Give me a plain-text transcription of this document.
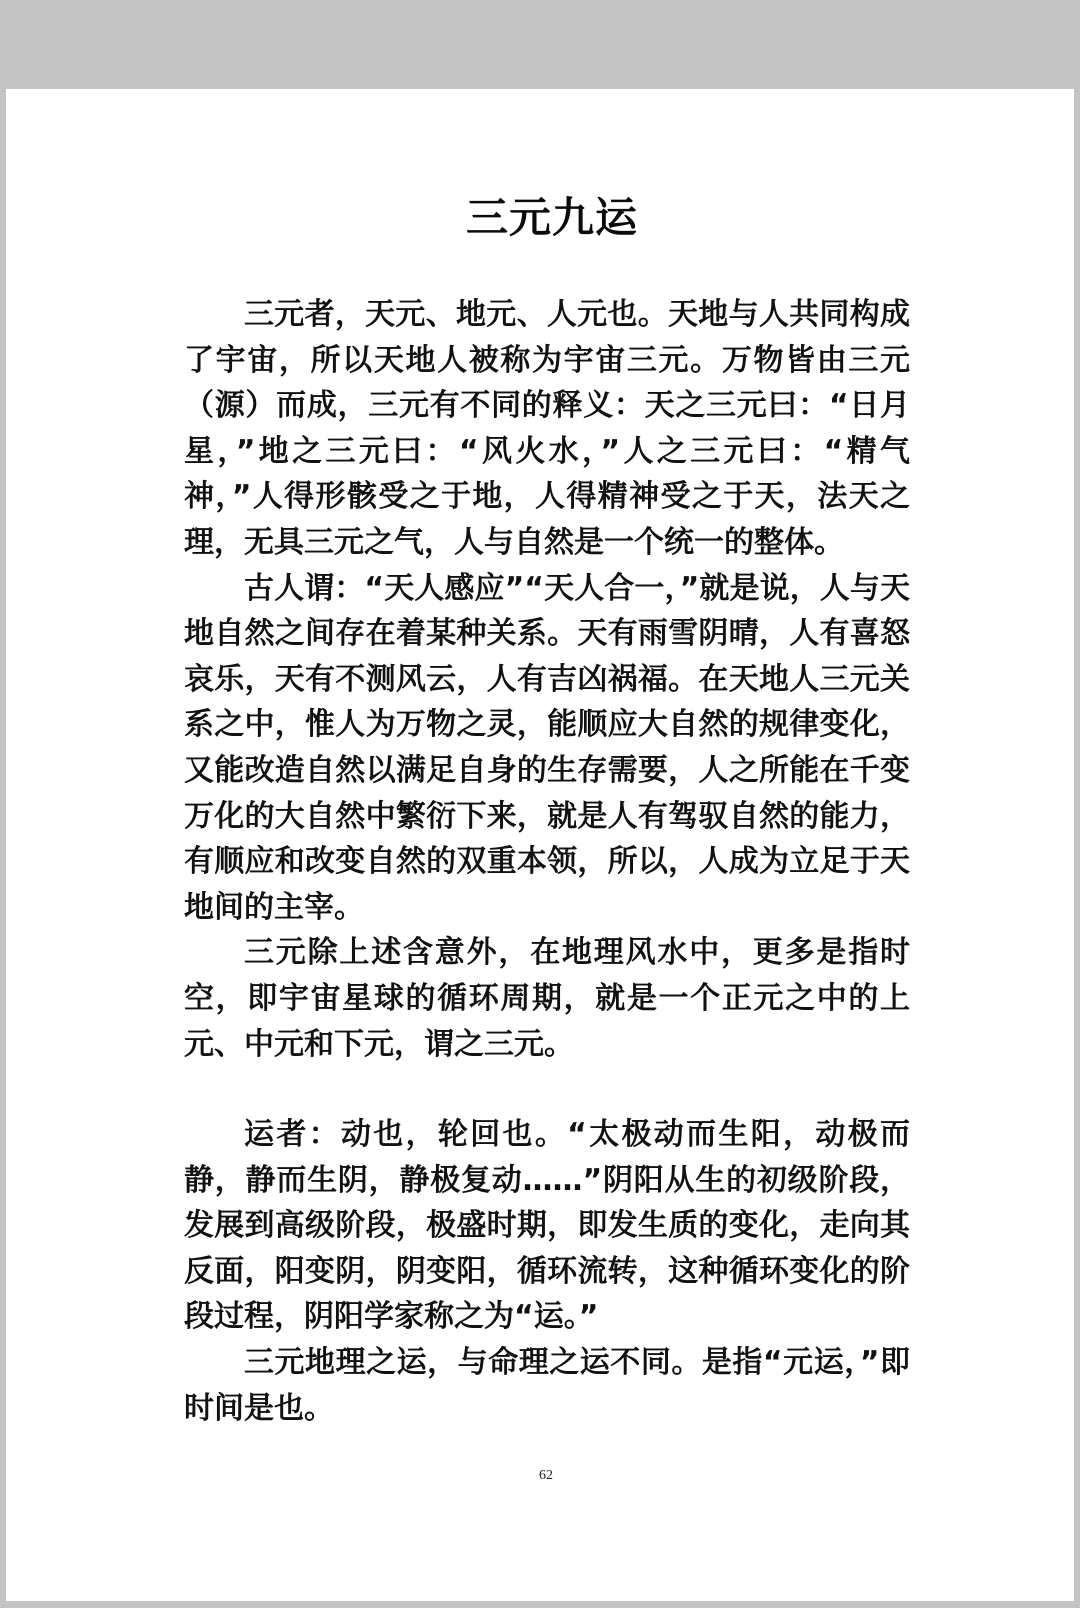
三元九运

三元者，天元、地元、人元也。天地与人共同构成了宇宙，所以天地人被称为宇宙三元。万物皆由三元（源）而成，三元有不同的释义：天之三元曰：“日月星，”地之三元曰：“风火水，”人之三元曰：“精气神，”人得形骸受之于地，人得精神受之于天，法天之理，无具三元之气，人与自然是一个统一的整体。

古人谓：“天人感应”“天人合一，”就是说，人与天地自然之间存在着某种关系。天有雨雪阴晴，人有喜怒哀乐，天有不测风云，人有吉凶祸福。在天地人三元关系之中，惟人为万物之灵，能顺应大自然的规律变化，又能改造自然以满足自身的生存需要，人之所能在千变万化的大自然中繁衍下来，就是人有驾驭自然的能力，有顺应和改变自然的双重本领，所以，人成为立足于天地间的主宰。

三元除上述含意外，在地理风水中，更多是指时空，即宇宙星球的循环周期，就是一个正元之中的上元、中元和下元，谓之三元。

运者：动也，轮回也。“太极动而生阳，动极而静，静而生阴，静极复动……”阴阳从生的初级阶段，发展到高级阶段，极盛时期，即发生质的变化，走向其反面，阳变阴，阴变阳，循环流转，这种循环变化的阶段过程，阴阳学家称之为“运。”

三元地理之运，与命理之运不同。是指“元运，”即时间是也。

62
